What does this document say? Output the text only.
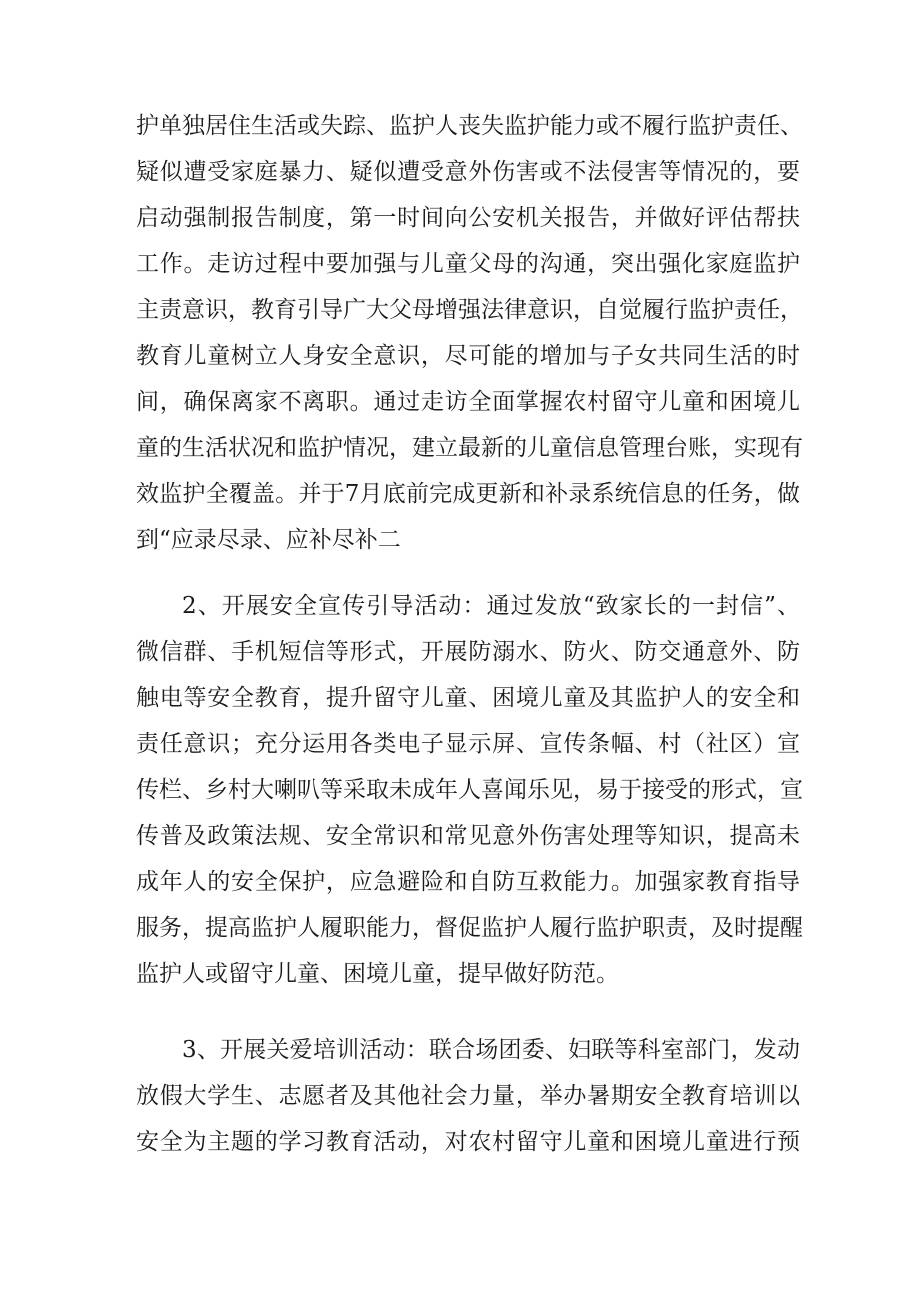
护单独居住生活或失踪、监护人丧失监护能力或不履行监护责任、
疑似遭受家庭暴力、疑似遭受意外伤害或不法侵害等情况的，要
启动强制报告制度，第一时间向公安机关报告，并做好评估帮扶
工作。走访过程中要加强与儿童父母的沟通，突出强化家庭监护
主责意识，教育引导广大父母增强法律意识，自觉履行监护责任，
教育儿童树立人身安全意识，尽可能的增加与子女共同生活的时
间，确保离家不离职。通过走访全面掌握农村留守儿童和困境儿
童的生活状况和监护情况，建立最新的儿童信息管理台账，实现有
效监护全覆盖。并于7月底前完成更新和补录系统信息的任务，做
到“应录尽录、应补尽补二
2、开展安全宣传引导活动：通过发放“致家长的一封信”、
微信群、手机短信等形式，开展防溺水、防火、防交通意外、防
触电等安全教育，提升留守儿童、困境儿童及其监护人的安全和
责任意识；充分运用各类电子显示屏、宣传条幅、村（社区）宣
传栏、乡村大喇叭等采取未成年人喜闻乐见，易于接受的形式，宣
传普及政策法规、安全常识和常见意外伤害处理等知识，提高未
成年人的安全保护，应急避险和自防互救能力。加强家教育指导
服务，提高监护人履职能力，督促监护人履行监护职责，及时提醒
监护人或留守儿童、困境儿童，提早做好防范。
3、开展关爱培训活动：联合场团委、妇联等科室部门，发动
放假大学生、志愿者及其他社会力量，举办暑期安全教育培训以
安全为主题的学习教育活动，对农村留守儿童和困境儿童进行预
